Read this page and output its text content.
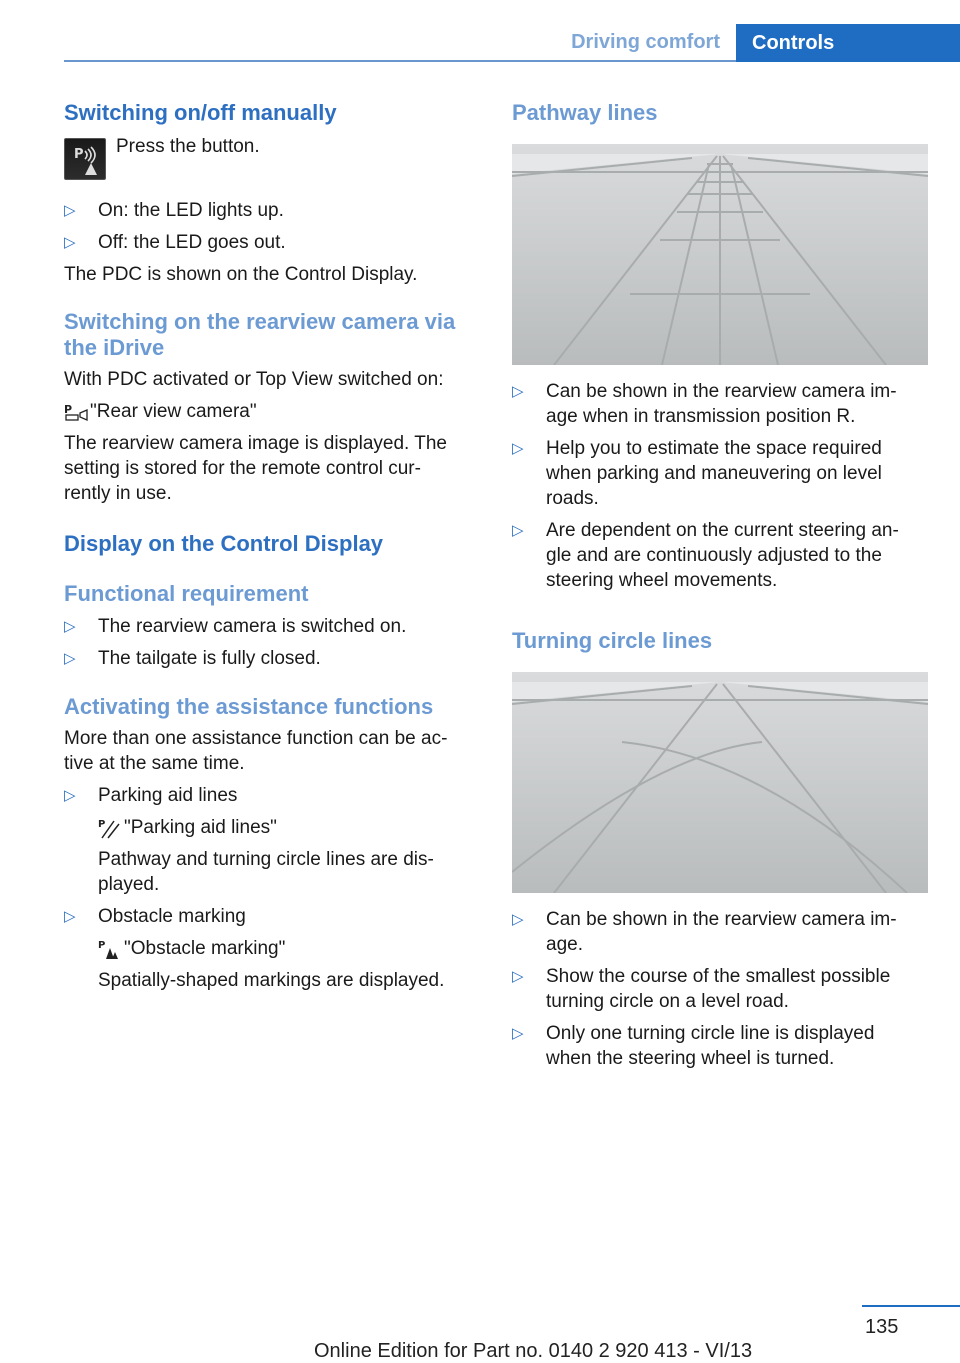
Driving comfort	Controls
Switching on/off manually
P Press the button.

▷ On: the LED lights up.
▷ Off: the LED goes out.

The PDC is shown on the Control Display.

Switching on the rearview camera via
the iDrive

With PDC activated or Top View switched on:

P "Rear view camera"

The rearview camera image is displayed. The
setting is stored for the remote control cur-
rently in use.

Display on the Control Display
Functional requirement
▷ The rearview camera is switched on.
▷ The tailgate is fully closed.
Activating the assistance functions

More than one assistance function can be ac-
tive at the same time.

▷ Parking aid lines
P "Parking aid lines"
Pathway and turning circle lines are dis-
played.
▷ Obstacle marking
P "Obstacle marking"
Spatially-shaped markings are displayed.
Pathway lines
▷ Can be shown in the rearview camera im-
age when in transmission position R.
▷ Help you to estimate the space required
when parking and maneuvering on level
roads.
▷ Are dependent on the current steering an-
gle and are continuously adjusted to the
steering wheel movements.
Turning circle lines
▷ Can be shown in the rearview camera im-
age.
▷ Show the course of the smallest possible
turning circle on a level road.
▷ Only one turning circle line is displayed
when the steering wheel is turned.
135
Online Edition for Part no. 0140 2 920 413 - VI/13
